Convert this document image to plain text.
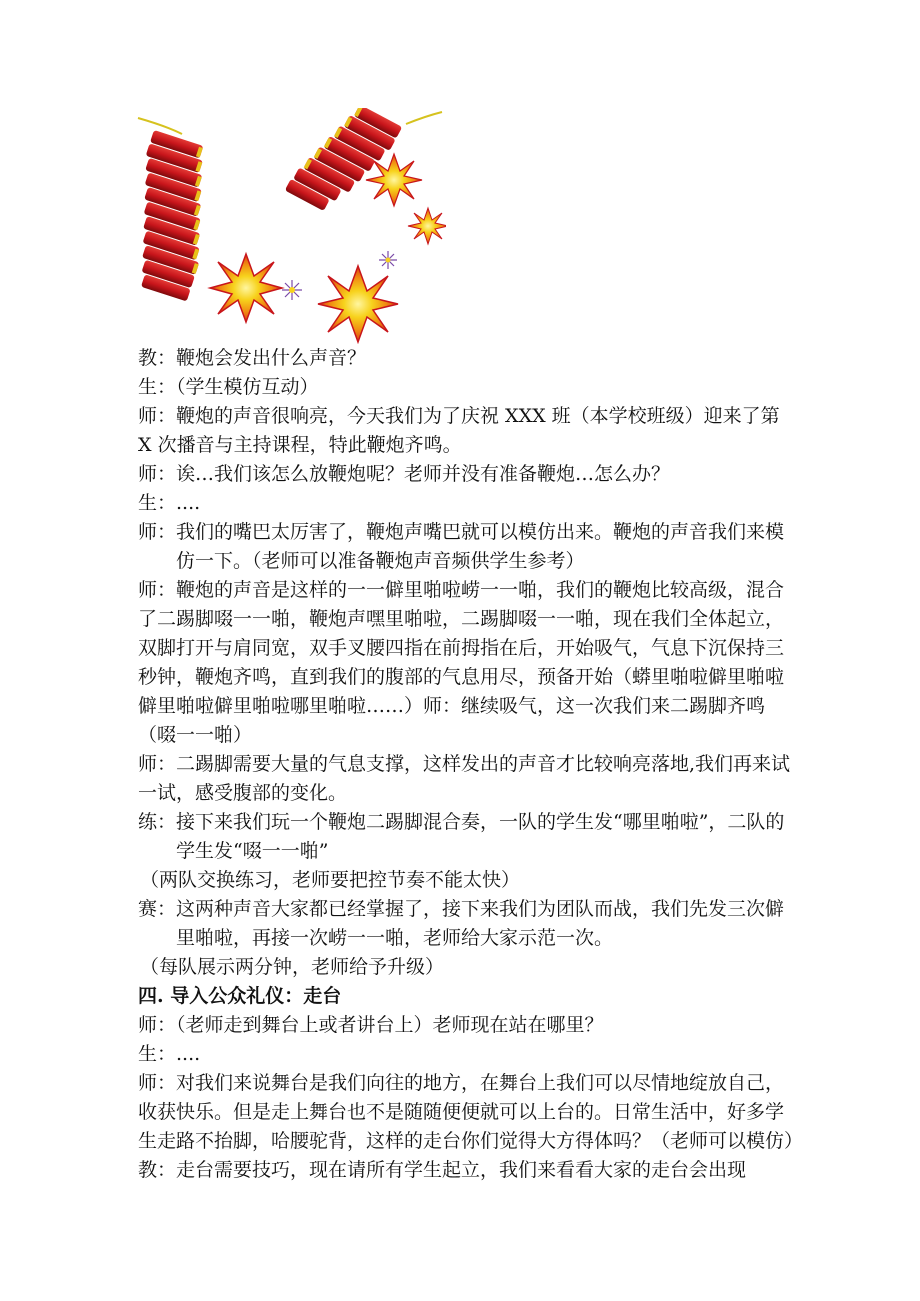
教：鞭炮会发出什么声音？

生：（学生模仿互动）

师：鞭炮的声音很响亮，今天我们为了庆祝 XXX 班（本学校班级）迎来了第 X 次播音与主持课程，特此鞭炮齐鸣。

师：诶…我们该怎么放鞭炮呢？老师并没有准备鞭炮…怎么办？

生：....

师：我们的嘴巴太厉害了，鞭炮声嘴巴就可以模仿出来。鞭炮的声音我们来模仿一下。（老师可以准备鞭炮声音频供学生参考）

师：鞭炮的声音是这样的一一僻里啪啦崂一一啪，我们的鞭炮比较高级，混合了二踢脚啜一一啪，鞭炮声嘿里啪啦，二踢脚啜一一啪，现在我们全体起立，双脚打开与肩同宽，双手叉腰四指在前拇指在后，开始吸气，气息下沉保持三秒钟，鞭炮齐鸣，直到我们的腹部的气息用尽，预备开始（蟒里啪啦僻里啪啦僻里啪啦僻里啪啦哪里啪啦……）师：继续吸气，这一次我们来二踢脚齐鸣（啜一一啪）

师：二踢脚需要大量的气息支撑，这样发出的声音才比较响亮落地,我们再来试一试，感受腹部的变化。

练：接下来我们玩一个鞭炮二踢脚混合奏，一队的学生发“哪里啪啦”，二队的学生发“啜一一啪”

（两队交换练习，老师要把控节奏不能太快）

赛：这两种声音大家都已经掌握了，接下来我们为团队而战，我们先发三次僻里啪啦，再接一次崂一一啪，老师给大家示范一次。

（每队展示两分钟，老师给予升级）

四. 导入公众礼仪：走台

师：（老师走到舞台上或者讲台上）老师现在站在哪里？

生：....

师：对我们来说舞台是我们向往的地方，在舞台上我们可以尽情地绽放自己，收获快乐。但是走上舞台也不是随随便便就可以上台的。日常生活中，好多学生走路不抬脚，哈腰驼背，这样的走台你们觉得大方得体吗？（老师可以模仿）

教：走台需要技巧，现在请所有学生起立，我们来看看大家的走台会出现
